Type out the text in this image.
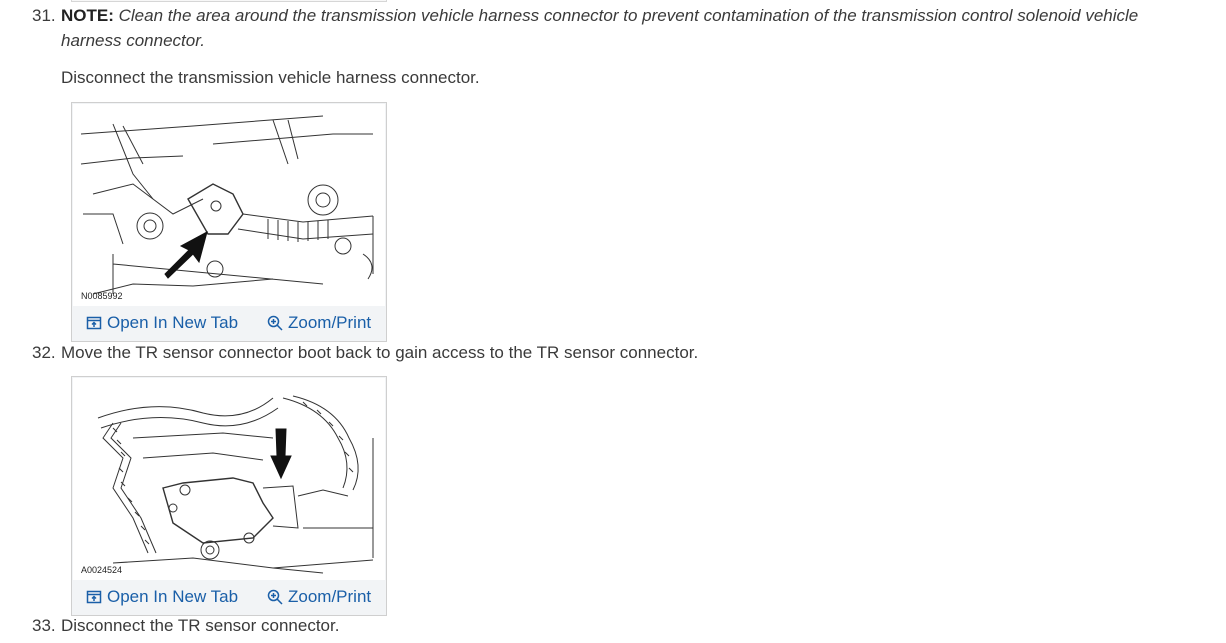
31. NOTE: Clean the area around the transmission vehicle harness connector to prevent contamination of the transmission control solenoid vehicle harness connector.
Disconnect the transmission vehicle harness connector.
N0085992
Open In New Tab	Zoom/Print
32. Move the TR sensor connector boot back to gain access to the TR sensor connector.
A0024524
Open In New Tab	Zoom/Print
33. Disconnect the TR sensor connector.
